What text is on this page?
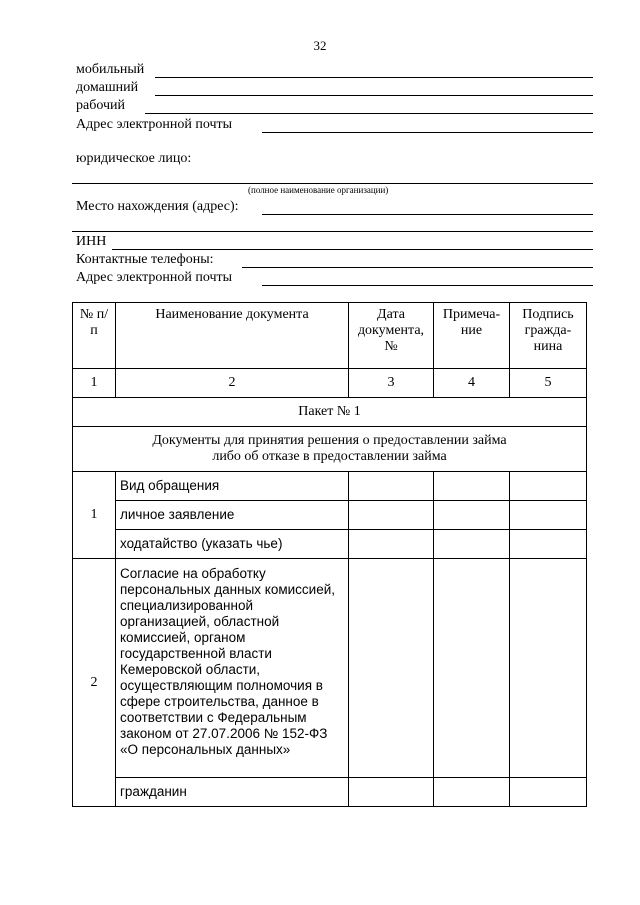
32
мобильный
домашний
рабочий
Адрес электронной почты
юридическое лицо:
(полное наименование организации)
Место нахождения (адрес):
ИНН
Контактные телефоны:
Адрес электронной почты
№ п/п	Наименование документа	Дата документа, №	Примеча-ние	Подпись гражда-нина
1	2	3	4	5
Пакет № 1				
Документы для принятия решения о предоставлении займа
либо об отказе в предоставлении займа				
1	Вид обращения			
	личное заявление			
	ходатайство (указать чье)			
2	Согласие на обработку персональных данных комиссией, специализированной организацией, областной комиссией, органом государственной власти Кемеровской области, осуществляющим полномочия в сфере строительства, данное в соответствии с Федеральным законом от 27.07.2006 № 152-ФЗ «О персональных данных»			
	гражданин			
